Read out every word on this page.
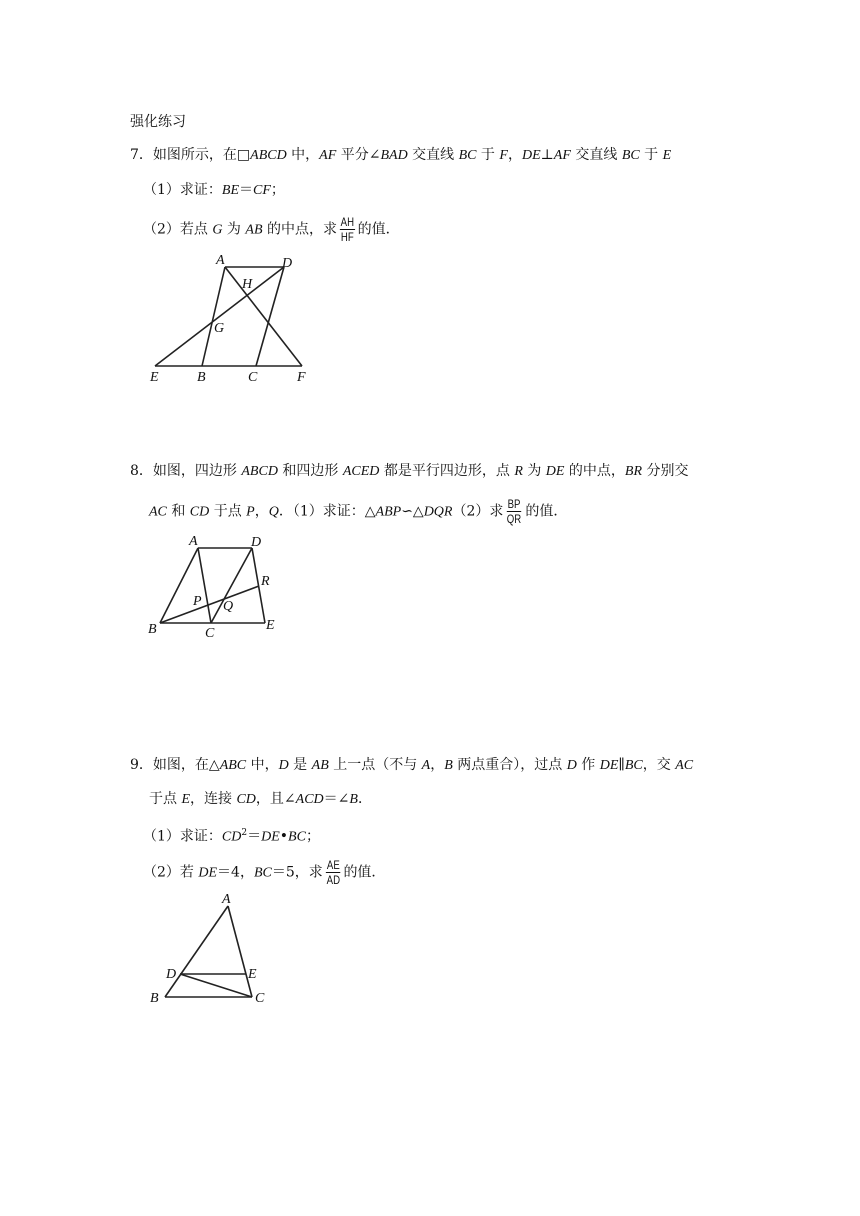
强化练习
7．如图所示，在□ABCD 中，AF 平分∠BAD 交直线 BC 于 F，DE⊥AF 交直线 BC 于 E
（1）求证：BE＝CF；
（2）若点 G 为 AB 的中点，求 $\frac{AH}{HF}$ 的值．
A	D
H
G
E	B	C	F
8．如图，四边形 ABCD 和四边形 ACED 都是平行四边形，点 R 为 DE 的中点，BR 分别交
AC 和 CD 于点 P，Q．（1）求证：△ABP∽△DQR（2）求 $\frac{BP}{QR}$ 的值．
A	D
R
P Q
B	C
E
9．如图，在△ABC 中，D 是 AB 上一点（不与 A，B 两点重合），过点 D 作 DE∥BC，交 AC
于点 E，连接 CD，且∠ACD＝∠B．
（1）求证：$CD^2=DE•BC$；
（2）若 DE＝4，BC＝5，求 $\frac{AE}{AD}$ 的值．
A
D	E
B	C
